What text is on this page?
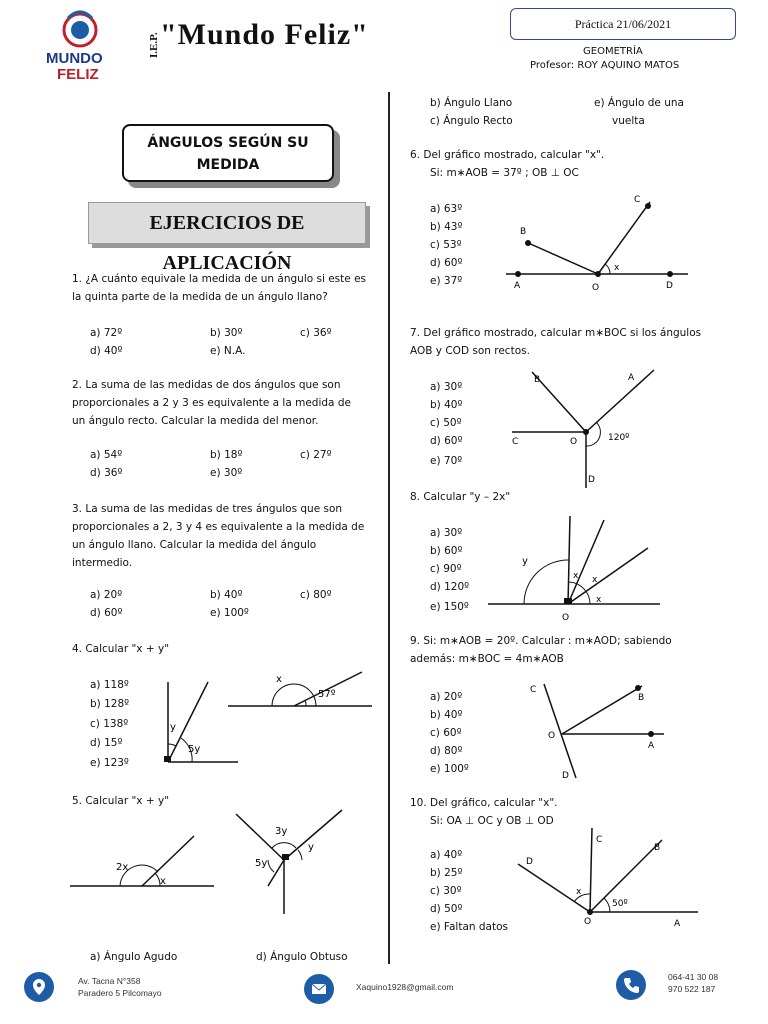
MUNDO
FELIZ
I.E.P. "Mundo Feliz"	Práctica 21/06/2021
GEOMETRÍA
Profesor: ROY AQUINO MATOS
ÁNGULOS SEGÚN SU MEDIDA
EJERCICIOS DE APLICACIÓN
1. ¿A cuánto equivale la medida de un ángulo si este es la quinta parte de la medida de un ángulo llano?
a) 72º	b) 30º	c) 36º
d) 40º	e) N.A.
2. La suma de las medidas de dos ángulos que son proporcionales a 2 y 3 es equivalente a la medida de un ángulo recto. Calcular la medida del menor.
a) 54º	b) 18º	c) 27º
d) 36º	e) 30º
3. La suma de las medidas de tres ángulos que son proporcionales a 2, 3 y 4 es equivalente a la medida de un ángulo llano. Calcular la medida del ángulo intermedio.
a) 20º	b) 40º	c) 80º
d) 60º	e) 100º
4. Calcular "x + y"
a) 118º
b) 128º
c) 138º
d) 15º
e) 123º
y
5y
x
57º
5. Calcular "x + y"
2x
x
3y
5y
y
a) Ángulo Agudo	d) Ángulo Obtuso
b) Ángulo Llano	e) Ángulo de una
c) Ángulo Recto	vuelta
6. Del gráfico mostrado, calcular "x".
Si: m∗AOB = 37º ; OB ⊥ OC
a) 63º
b) 43º
c) 53º
d) 60º
e) 37º	A
B
C
D
O
x
7. Del gráfico mostrado, calcular m∗BOC si los ángulos AOB y COD son rectos.
a) 30º
b) 40º
c) 50º
d) 60º
e) 70º
A
B
C
D
O	120º
8. Calcular "y – 2x"
a) 30º
b) 60º
c) 90º
d) 120º
e) 150º
y
x x
x
O
9. Si: m∗AOB = 20º. Calcular : m∗AOD; sabiendo además: m∗BOC = 4m∗AOB
a) 20º
b) 40º
c) 60º
d) 80º
e) 100º
C
B
A
D
O
10. Del gráfico, calcular "x".
Si: OA ⊥ OC y OB ⊥ OD
a) 40º
b) 25º
c) 30º
d) 50º
e) Faltan datos
C
B
D
A
O
x
50º
Av. Tacna N°358
Paradero 5 Pilcomayo
Xaquino1928@gmail.com
064-41 30 08
970 522 187
